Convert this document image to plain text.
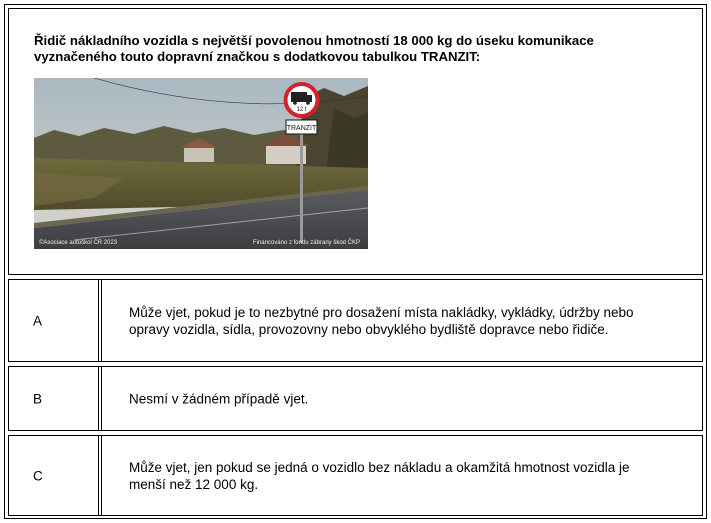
Řidič nákladního vozidla s největší povolenou hmotností 18 000 kg do úseku komunikace vyznačeného touto dopravní značkou s dodatkovou tabulkou TRANZIT:
12 t
TRANZIT
©Asociace autoškol ČR 2023	Financováno z fondu zábrany škod ČKP
A
Může vjet, pokud je to nezbytné pro dosažení místa nakládky, vykládky, údržby nebo opravy vozidla, sídla, provozovny nebo obvyklého bydliště dopravce nebo řidiče.
B	Nesmí v žádném případě vjet.
C
Může vjet, jen pokud se jedná o vozidlo bez nákladu a okamžitá hmotnost vozidla je menší než 12 000 kg.
